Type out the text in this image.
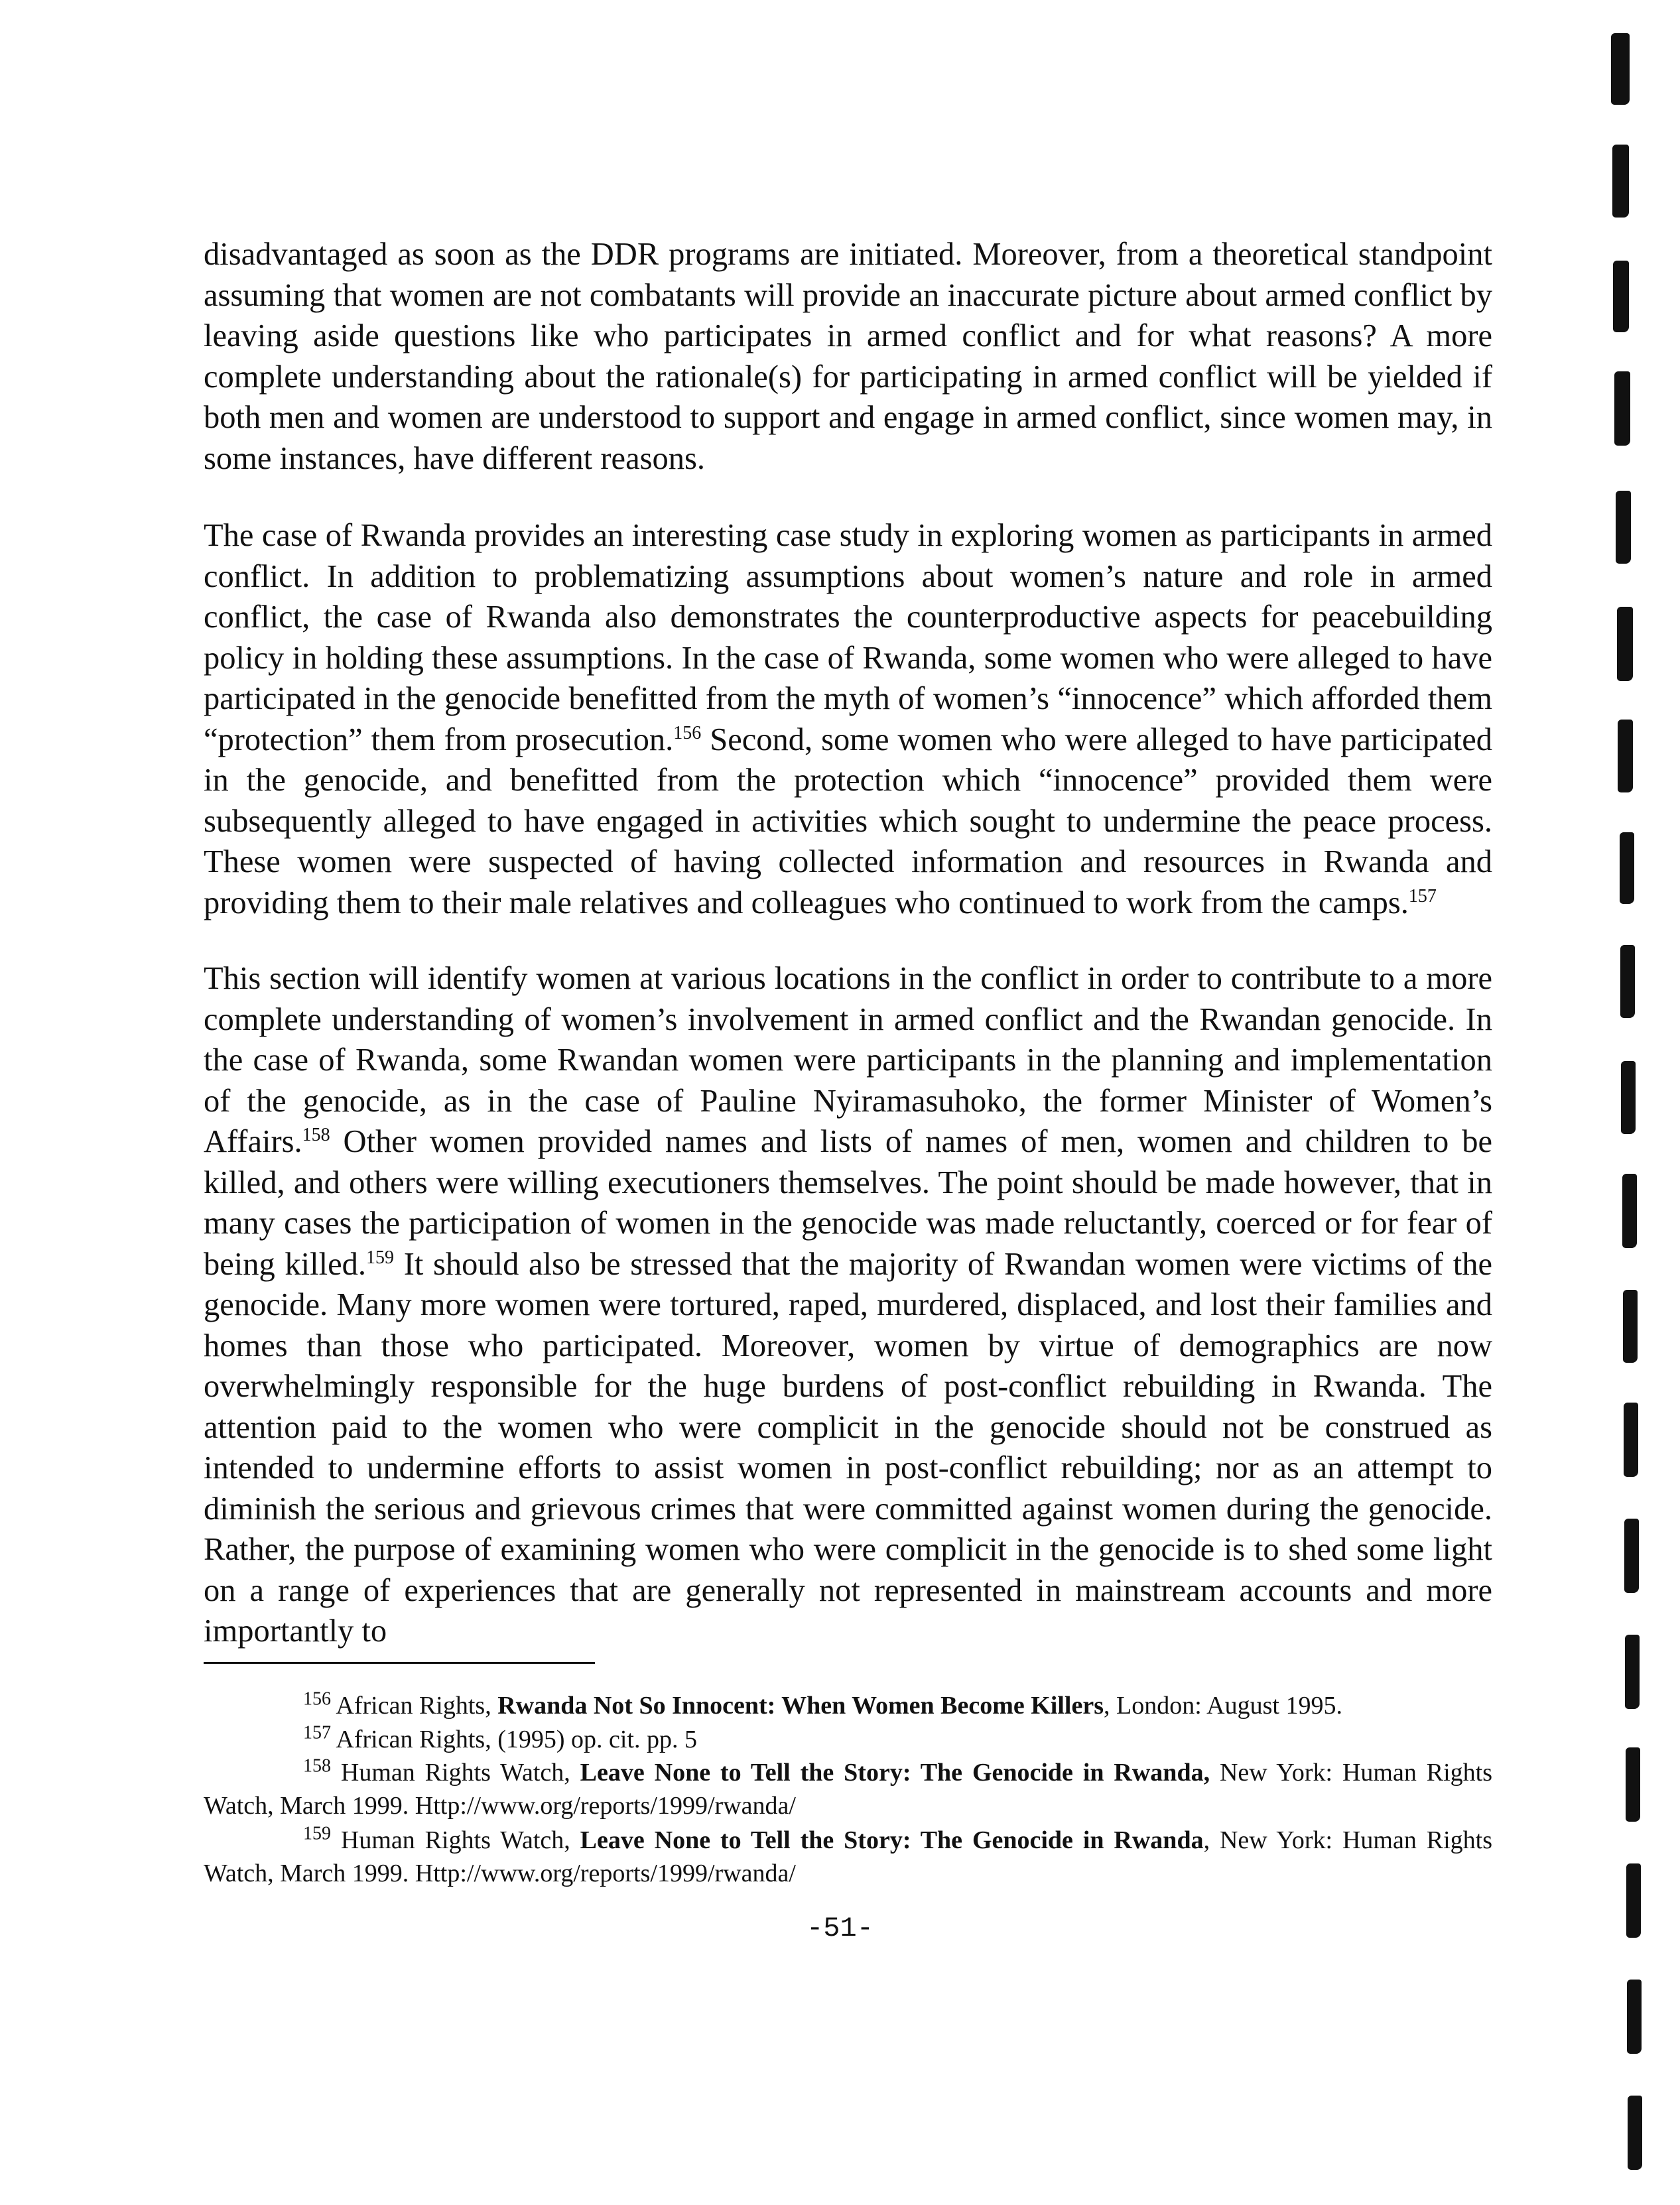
disadvantaged as soon as the DDR programs are initiated. Moreover, from a theoretical standpoint assuming that women are not combatants will provide an inaccurate picture about armed conflict by leaving aside questions like who participates in armed conflict and for what reasons? A more complete understanding about the rationale(s) for participating in armed conflict will be yielded if both men and women are understood to support and engage in armed conflict, since women may, in some instances, have different reasons.

The case of Rwanda provides an interesting case study in exploring women as participants in armed conflict. In addition to problematizing assumptions about women’s nature and role in armed conflict, the case of Rwanda also demonstrates the counterproductive aspects for peacebuilding policy in holding these assumptions. In the case of Rwanda, some women who were alleged to have participated in the genocide benefitted from the myth of women’s “innocence” which afforded them “protection” them from prosecution.$^{156}$ Second, some women who were alleged to have participated in the genocide, and benefitted from the protection which “innocence” provided them were subsequently alleged to have engaged in activities which sought to undermine the peace process. These women were suspected of having collected information and resources in Rwanda and providing them to their male relatives and colleagues who continued to work from the camps.$^{157}$

This section will identify women at various locations in the conflict in order to contribute to a more complete understanding of women’s involvement in armed conflict and the Rwandan genocide. In the case of Rwanda, some Rwandan women were participants in the planning and implementation of the genocide, as in the case of Pauline Nyiramasuhoko, the former Minister of Women’s Affairs.$^{158}$ Other women provided names and lists of names of men, women and children to be killed, and others were willing executioners themselves. The point should be made however, that in many cases the participation of women in the genocide was made reluctantly, coerced or for fear of being killed.$^{159}$ It should also be stressed that the majority of Rwandan women were victims of the genocide. Many more women were tortured, raped, murdered, displaced, and lost their families and homes than those who participated. Moreover, women by virtue of demographics are now overwhelmingly responsible for the huge burdens of post-conflict rebuilding in Rwanda. The attention paid to the women who were complicit in the genocide should not be construed as intended to undermine efforts to assist women in post-conflict rebuilding; nor as an attempt to diminish the serious and grievous crimes that were committed against women during the genocide. Rather, the purpose of examining women who were complicit in the genocide is to shed some light on a range of experiences that are generally not represented in mainstream accounts and more importantly to

$^{156}$ African Rights, Rwanda Not So Innocent: When Women Become Killers, London: August 1995.

$^{157}$ African Rights, (1995) op. cit. pp. 5

$^{158}$ Human Rights Watch, Leave None to Tell the Story: The Genocide in Rwanda, New York: Human Rights Watch, March 1999. Http://www.org/reports/1999/rwanda/

$^{159}$ Human Rights Watch, Leave None to Tell the Story: The Genocide in Rwanda, New York: Human Rights Watch, March 1999. Http://www.org/reports/1999/rwanda/

-51-
